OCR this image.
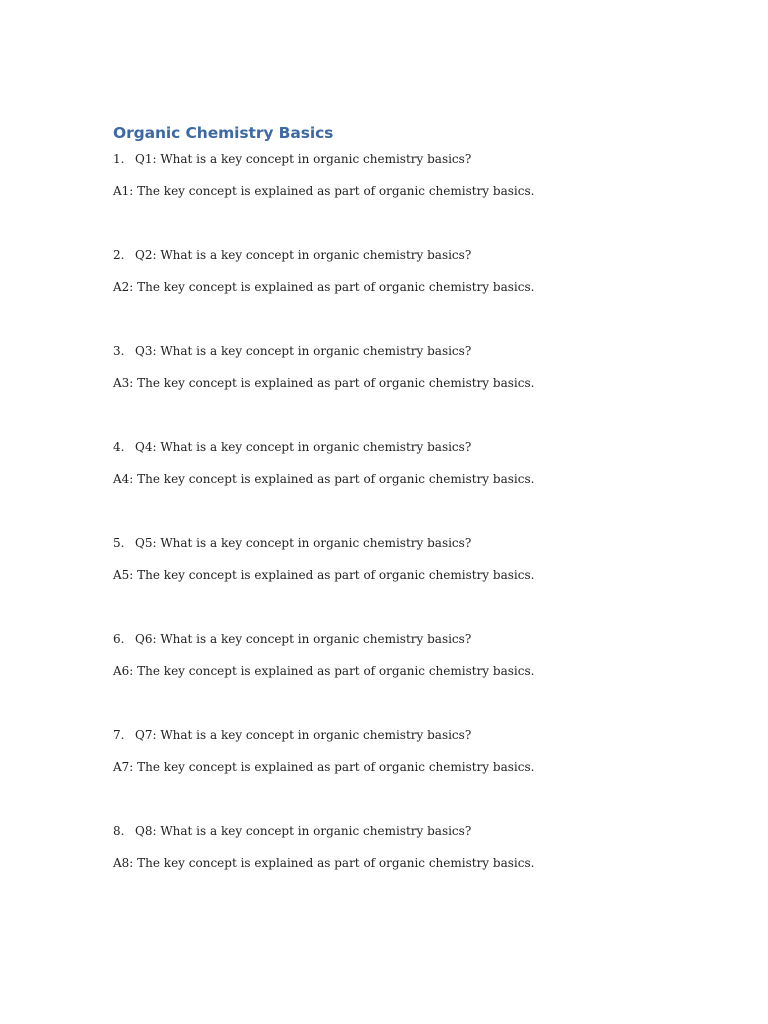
Organic Chemistry Basics
1. Q1: What is a key concept in organic chemistry basics?
A1: The key concept is explained as part of organic chemistry basics.
2. Q2: What is a key concept in organic chemistry basics?
A2: The key concept is explained as part of organic chemistry basics.
3. Q3: What is a key concept in organic chemistry basics?
A3: The key concept is explained as part of organic chemistry basics.
4. Q4: What is a key concept in organic chemistry basics?
A4: The key concept is explained as part of organic chemistry basics.
5. Q5: What is a key concept in organic chemistry basics?
A5: The key concept is explained as part of organic chemistry basics.
6. Q6: What is a key concept in organic chemistry basics?
A6: The key concept is explained as part of organic chemistry basics.
7. Q7: What is a key concept in organic chemistry basics?
A7: The key concept is explained as part of organic chemistry basics.
8. Q8: What is a key concept in organic chemistry basics?
A8: The key concept is explained as part of organic chemistry basics.
